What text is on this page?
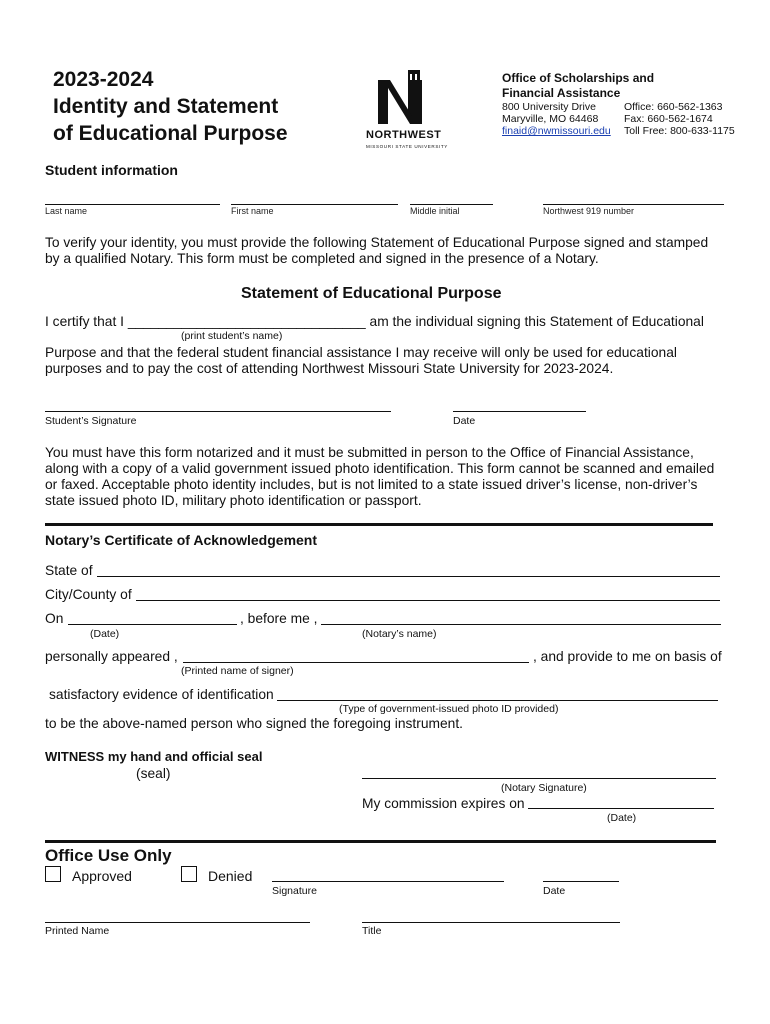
2023-2024
Identity and Statement
of Educational Purpose	NORTHWEST
MISSOURI STATE UNIVERSITY
Office of Scholarships and
Financial Assistance
800 University Drive
Maryville, MO 64468
finaid@nwmissouri.edu
Office: 660-562-1363
Fax: 660-562-1674
Toll Free: 800-633-1175
Student information
Last name	First name	Middle initial	Northwest 919 number
To verify your identity, you must provide the following Statement of Educational Purpose signed and stamped
by a qualified Notary. This form must be completed and signed in the presence of a Notary.
Statement of Educational Purpose
I certify that I _______________________________ am the individual signing this Statement of Educational
(print student’s name)
Purpose and that the federal student financial assistance I may receive will only be used for educational
purposes and to pay the cost of attending Northwest Missouri State University for 2023-2024.
Student’s Signature	Date
You must have this form notarized and it must be submitted in person to the Office of Financial Assistance,
along with a copy of a valid government issued photo identification. This form cannot be scanned and emailed
or faxed. Acceptable photo identity includes, but is not limited to a state issued driver’s license, non-driver’s
state issued photo ID, military photo identification or passport.
Notary’s Certificate of Acknowledgement
State of
City/County of
On	, before me ,
(Date)	(Notary’s name)
personally appeared ,	, and provide to me on basis of
(Printed name of signer)
satisfactory evidence of identification
(Type of government-issued photo ID provided)
to be the above-named person who signed the foregoing instrument.
WITNESS my hand and official seal
(seal)
(Notary Signature)
My commission expires on
(Date)
Office Use Only
Approved	Denied
Signature	Date
Printed Name	Title
